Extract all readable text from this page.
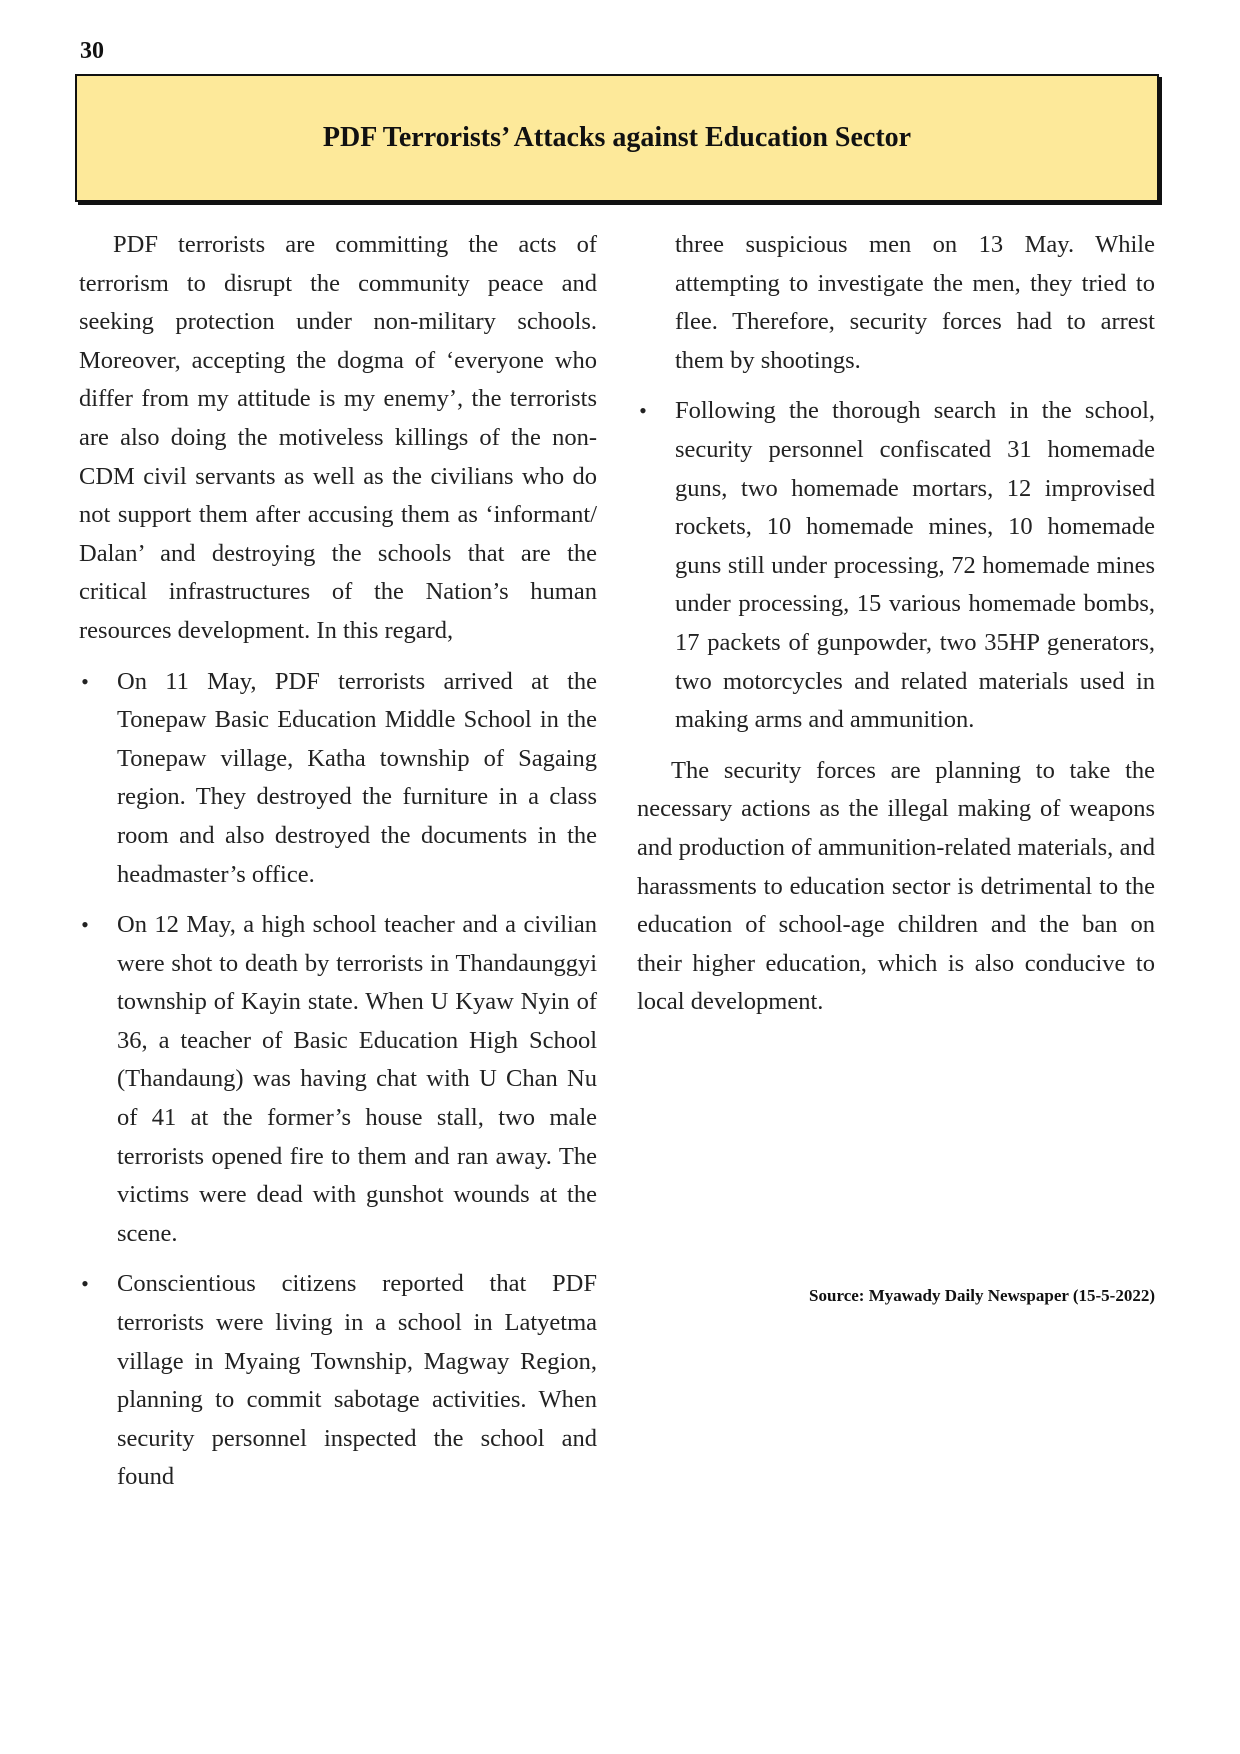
30
PDF Terrorists’ Attacks against Education Sector

PDF terrorists are committing the acts of terrorism to disrupt the community peace and seeking protection under non-military schools. Moreover, accepting the dogma of ‘everyone who differ from my attitude is my enemy’, the terrorists are also doing the motiveless killings of the non-CDM civil servants as well as the civilians who do not support them after accusing them as ‘informant/ Dalan’ and destroying the schools that are the critical infrastructures of the Nation’s human resources development. In this regard,

• On 11 May, PDF terrorists arrived at the Tonepaw Basic Education Middle School in the Tonepaw village, Katha township of Sagaing region. They destroyed the furniture in a class room and also destroyed the documents in the headmaster’s office.
• On 12 May, a high school teacher and a civilian were shot to death by terrorists in Thandaunggyi township of Kayin state. When U Kyaw Nyin of 36, a teacher of Basic Education High School (Thandaung) was having chat with U Chan Nu of 41 at the former’s house stall, two male terrorists opened fire to them and ran away. The victims were dead with gunshot wounds at the scene.
• Conscientious citizens reported that PDF terrorists were living in a school in Latyetma village in Myaing Township, Magway Region, planning to commit sabotage activities. When security personnel inspected the school and found

three suspicious men on 13 May. While attempting to investigate the men, they tried to flee. Therefore, security forces had to arrest them by shootings.

• Following the thorough search in the school, security personnel confiscated 31 homemade guns, two homemade mortars, 12 improvised rockets, 10 homemade mines, 10 homemade guns still under processing, 72 homemade mines under processing, 15 various homemade bombs, 17 packets of gunpowder, two 35HP generators, two motorcycles and related materials used in making arms and ammunition.

The security forces are planning to take the necessary actions as the illegal making of weapons and production of ammunition-related materials, and harassments to education sector is detrimental to the education of school-age children and the ban on their higher education, which is also conducive to local development.

Source: Myawady Daily Newspaper (15-5-2022)
